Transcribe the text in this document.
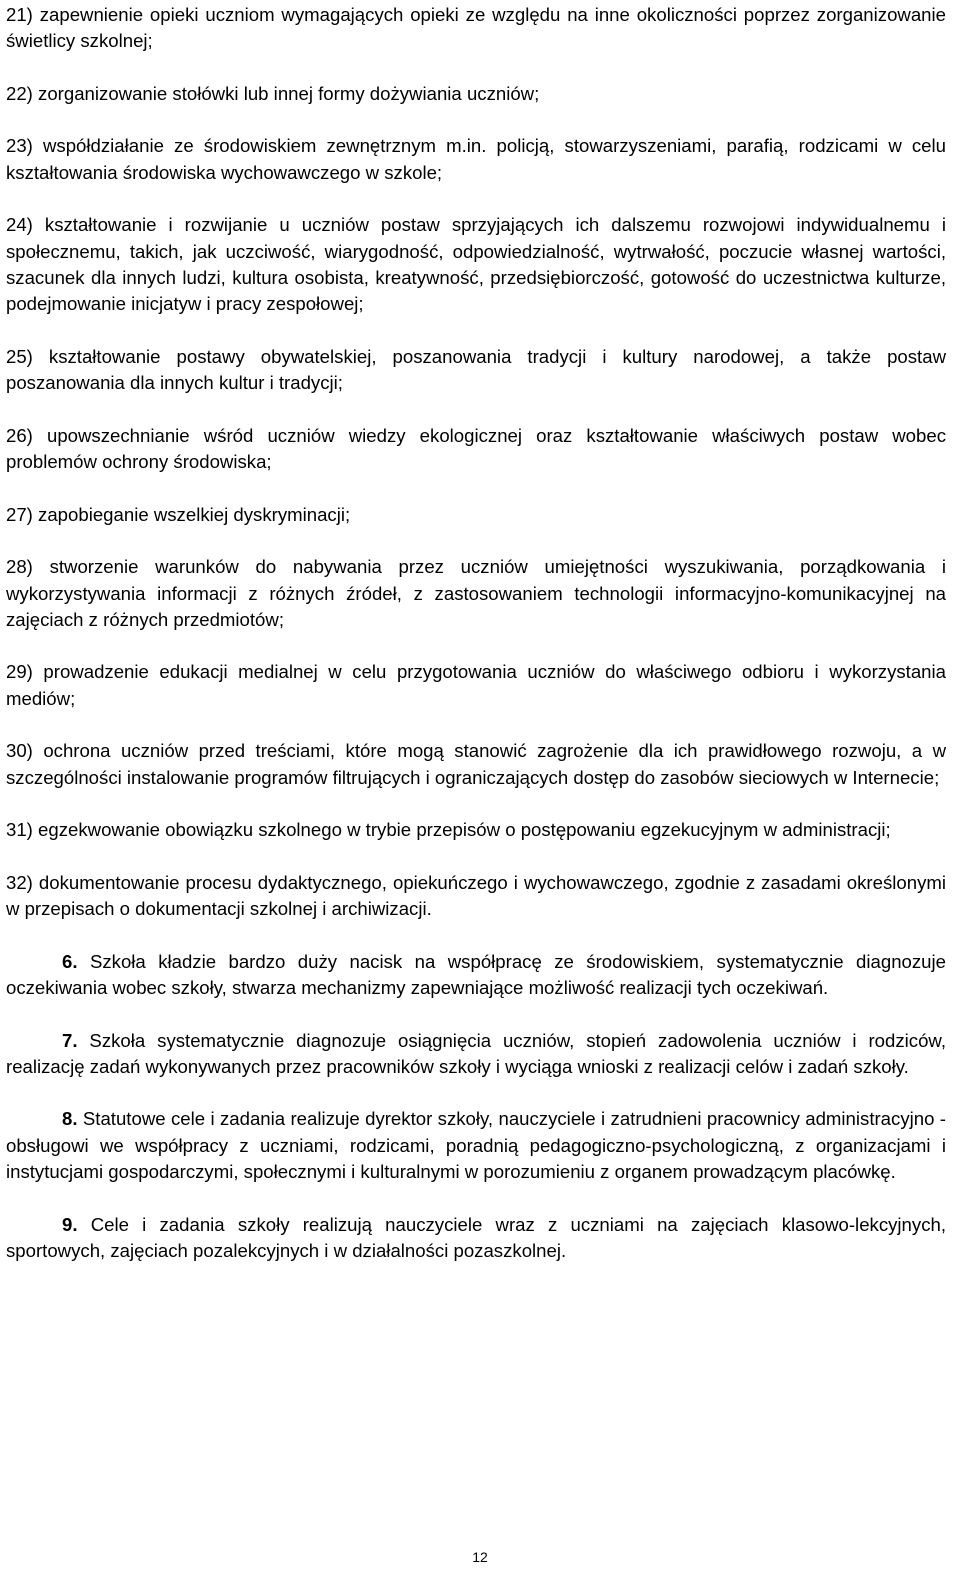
21) zapewnienie opieki uczniom wymagających opieki ze względu na inne okoliczności poprzez zorganizowanie świetlicy szkolnej;

22) zorganizowanie stołówki lub innej formy dożywiania uczniów;

23) współdziałanie ze środowiskiem zewnętrznym m.in. policją, stowarzyszeniami, parafią, rodzicami w celu kształtowania środowiska wychowawczego w szkole;

24) kształtowanie i rozwijanie u uczniów postaw sprzyjających ich dalszemu rozwojowi indywidualnemu i społecznemu, takich, jak uczciwość, wiarygodność, odpowiedzialność, wytrwałość, poczucie własnej wartości, szacunek dla innych ludzi, kultura osobista, kreatywność, przedsiębiorczość, gotowość do uczestnictwa kulturze, podejmowanie inicjatyw i pracy zespołowej;

25) kształtowanie postawy obywatelskiej, poszanowania tradycji i kultury narodowej, a także postaw poszanowania dla innych kultur i tradycji;

26) upowszechnianie wśród uczniów wiedzy ekologicznej oraz kształtowanie właściwych postaw wobec problemów ochrony środowiska;

27) zapobieganie wszelkiej dyskryminacji;

28) stworzenie warunków do nabywania przez uczniów umiejętności wyszukiwania, porządkowania i wykorzystywania informacji z różnych źródeł, z zastosowaniem technologii informacyjno-komunikacyjnej na zajęciach z różnych przedmiotów;

29) prowadzenie edukacji medialnej w celu przygotowania uczniów do właściwego odbioru i wykorzystania mediów;

30) ochrona uczniów przed treściami, które mogą stanowić zagrożenie dla ich prawidłowego rozwoju, a w szczególności instalowanie programów filtrujących i ograniczających dostęp do zasobów sieciowych w Internecie;

31) egzekwowanie obowiązku szkolnego w trybie przepisów o postępowaniu egzekucyjnym w administracji;

32) dokumentowanie procesu dydaktycznego, opiekuńczego i wychowawczego, zgodnie z zasadami określonymi w przepisach o dokumentacji szkolnej i archiwizacji.

6. Szkoła kładzie bardzo duży nacisk na współpracę ze środowiskiem, systematycznie diagnozuje oczekiwania wobec szkoły, stwarza mechanizmy zapewniające możliwość realizacji tych oczekiwań.

7. Szkoła systematycznie diagnozuje osiągnięcia uczniów, stopień zadowolenia uczniów i rodziców, realizację zadań wykonywanych przez pracowników szkoły i wyciąga wnioski z realizacji celów i zadań szkoły.

8. Statutowe cele i zadania realizuje dyrektor szkoły, nauczyciele i zatrudnieni pracownicy administracyjno - obsługowi we współpracy z uczniami, rodzicami, poradnią pedagogiczno-psychologiczną, z organizacjami i instytucjami gospodarczymi, społecznymi i kulturalnymi w porozumieniu z organem prowadzącym placówkę.

9. Cele i zadania szkoły realizują nauczyciele wraz z uczniami na zajęciach klasowo-lekcyjnych, sportowych, zajęciach pozalekcyjnych i w działalności pozaszkolnej.

12
